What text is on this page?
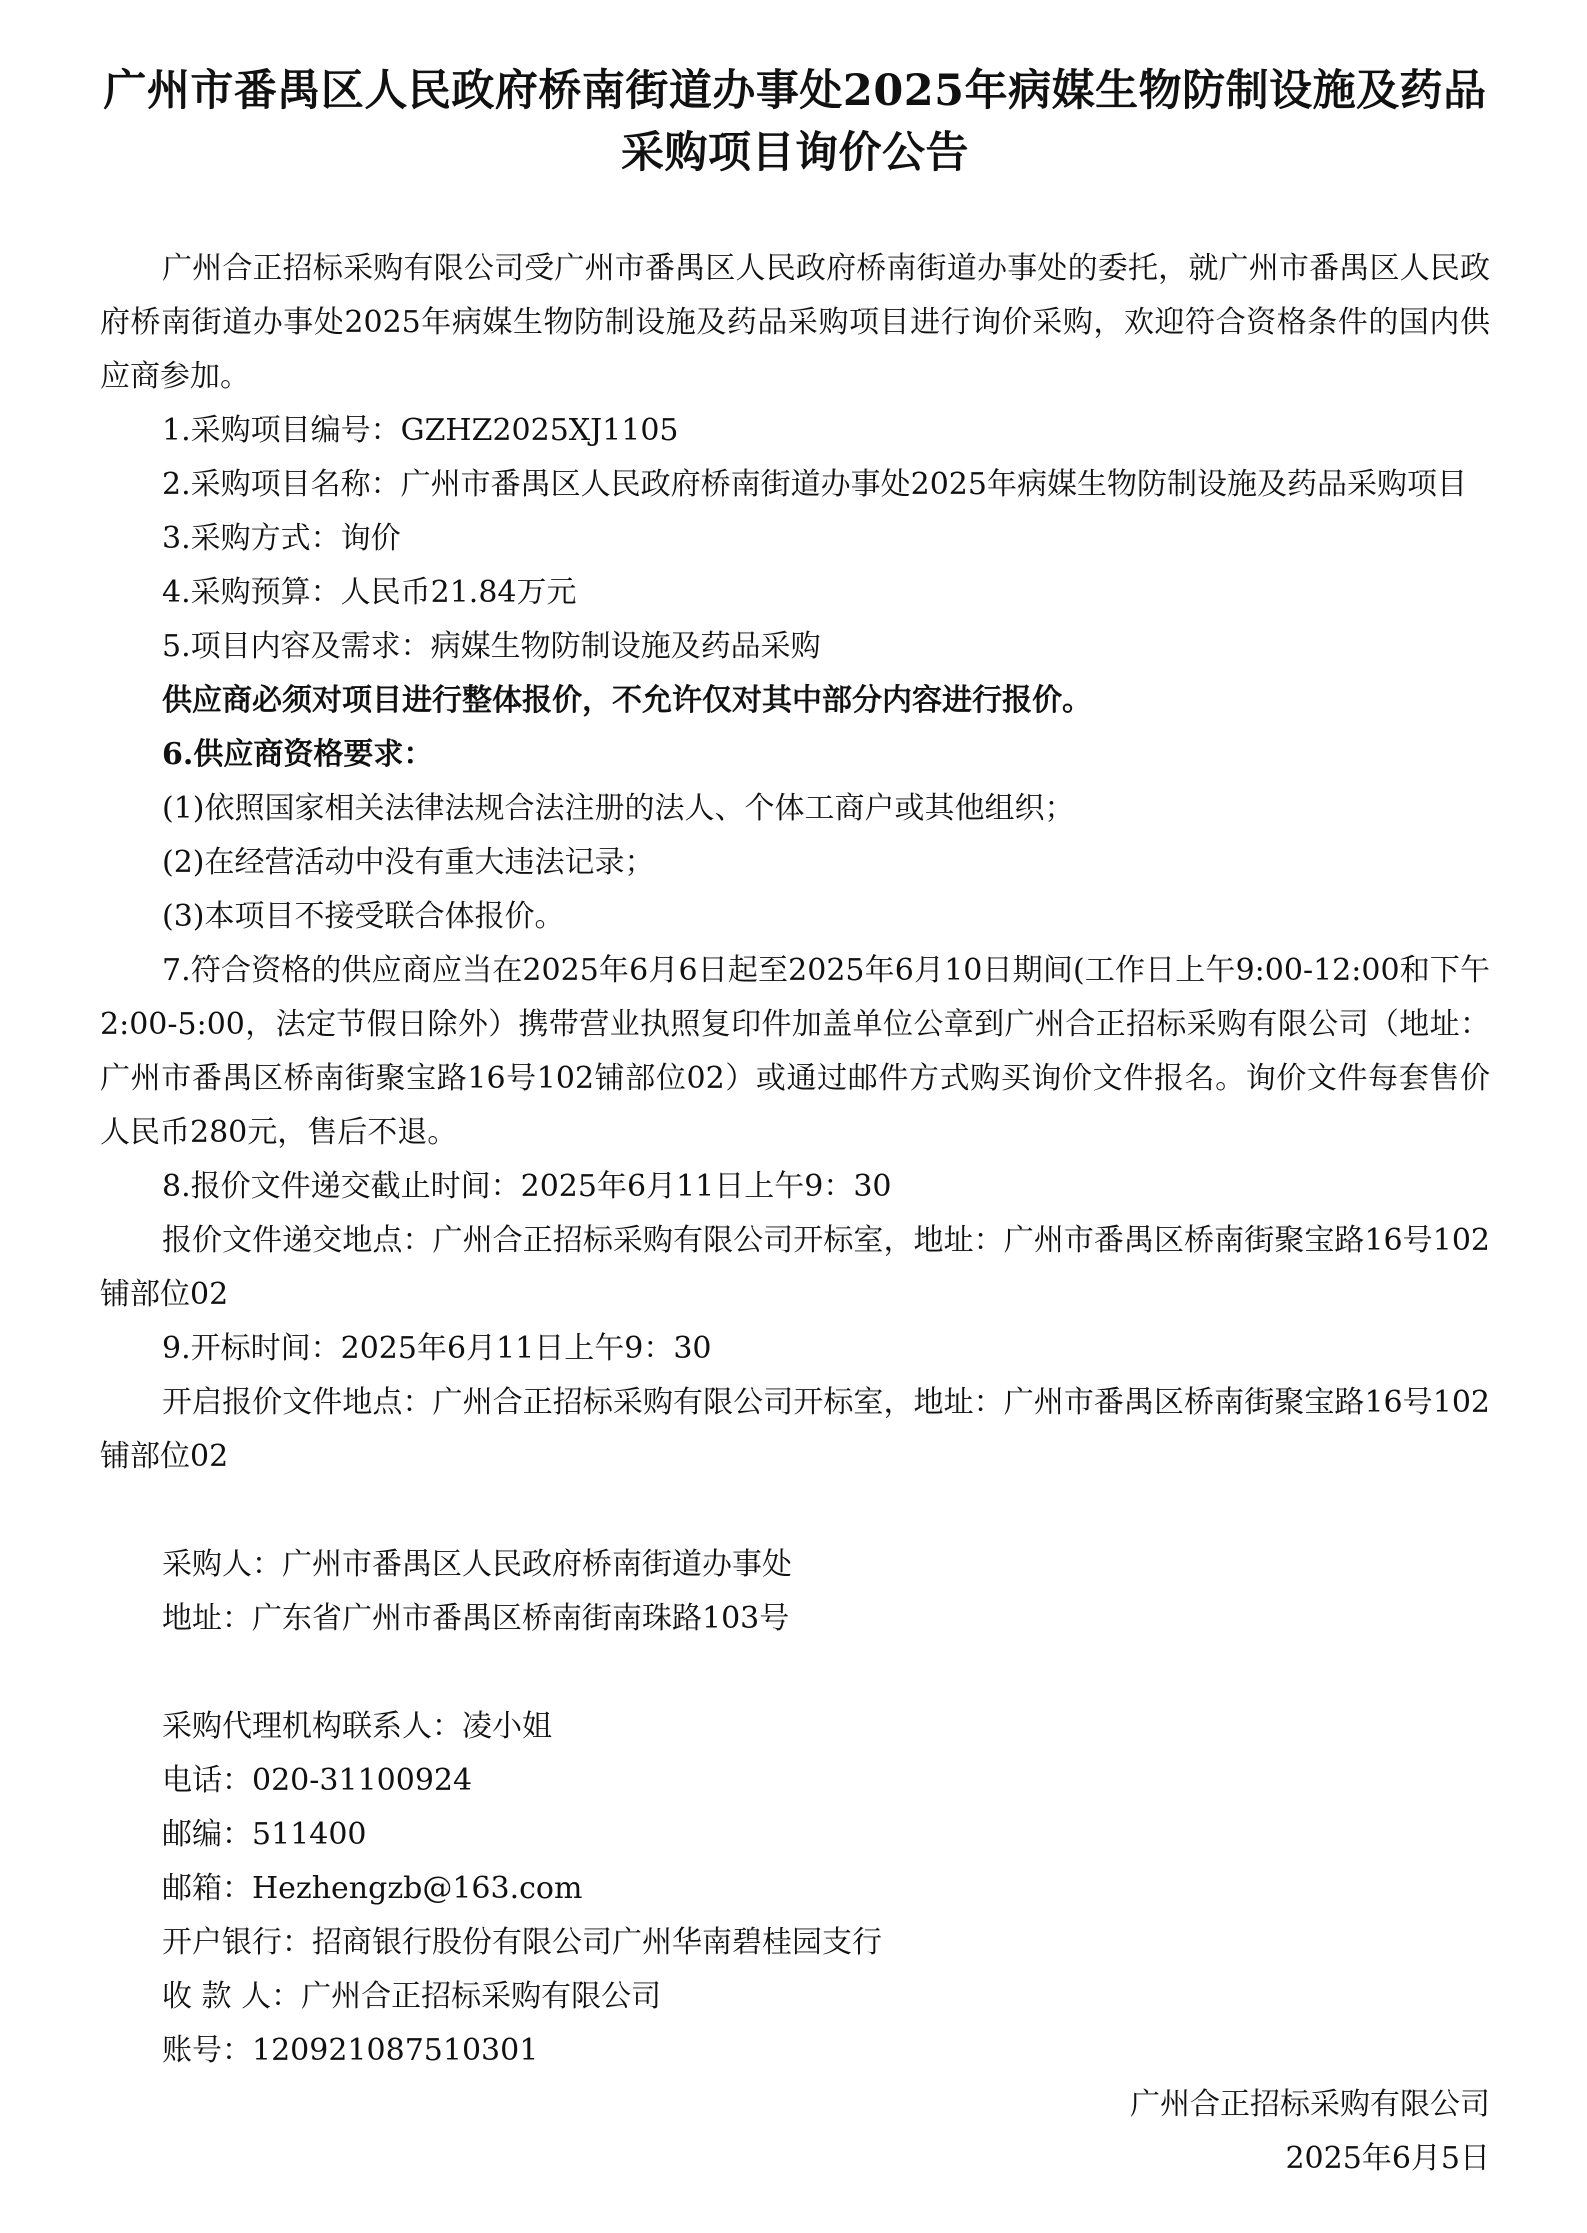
广州市番禺区人民政府桥南街道办事处2025年病媒生物防制设施及药品采购项目询价公告

广州合正招标采购有限公司受广州市番禺区人民政府桥南街道办事处的委托，就广州市番禺区人民政府桥南街道办事处2025年病媒生物防制设施及药品采购项目进行询价采购，欢迎符合资格条件的国内供应商参加。

1.采购项目编号：GZHZ2025XJ1105

2.采购项目名称：广州市番禺区人民政府桥南街道办事处2025年病媒生物防制设施及药品采购项目

3.采购方式：询价

4.采购预算：人民币21.84万元

5.项目内容及需求：病媒生物防制设施及药品采购

供应商必须对项目进行整体报价，不允许仅对其中部分内容进行报价。

6.供应商资格要求：

(1)依照国家相关法律法规合法注册的法人、个体工商户或其他组织；

(2)在经营活动中没有重大违法记录；

(3)本项目不接受联合体报价。

7.符合资格的供应商应当在2025年6月6日起至2025年6月10日期间(工作日上午9:00-12:00和下午2:00-5:00，法定节假日除外）携带营业执照复印件加盖单位公章到广州合正招标采购有限公司（地址：广州市番禺区桥南街聚宝路16号102铺部位02）或通过邮件方式购买询价文件报名。询价文件每套售价人民币280元，售后不退。

8.报价文件递交截止时间：2025年6月11日上午9：30

报价文件递交地点：广州合正招标采购有限公司开标室，地址：广州市番禺区桥南街聚宝路16号102铺部位02

9.开标时间：2025年6月11日上午9：30

开启报价文件地点：广州合正招标采购有限公司开标室，地址：广州市番禺区桥南街聚宝路16号102铺部位02

采购人：广州市番禺区人民政府桥南街道办事处

地址：广东省广州市番禺区桥南街南珠路103号

采购代理机构联系人：凌小姐

电话：020-31100924

邮编：511400

邮箱：Hezhengzb@163.com

开户银行：招商银行股份有限公司广州华南碧桂园支行

收 款 人：广州合正招标采购有限公司

账号：120921087510301

广州合正招标采购有限公司

2025年6月5日
